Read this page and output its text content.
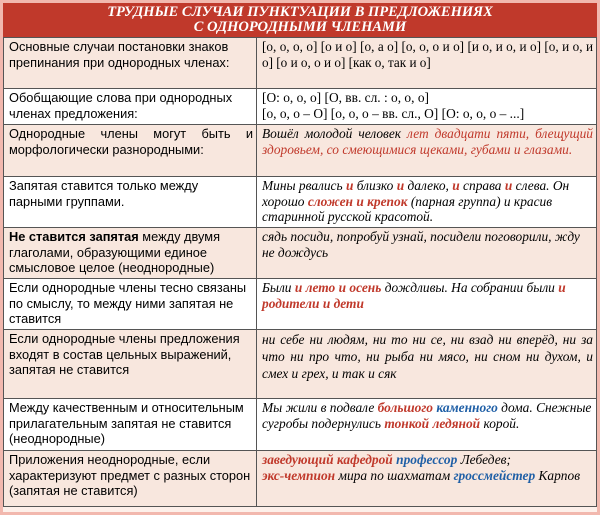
ТРУДНЫЕ СЛУЧАИ ПУНКТУАЦИИ В ПРЕДЛОЖЕНИЯХ
С ОДНОРОДНЫМИ ЧЛЕНАМИ
Основные случаи постановки знаков препинания при однородных членах:	[о, о, о, о] [о и о] [о, а о] [о, о, о и о] [и о, и о, и о] [о, и о, и о] [о и о, о и о] [как о, так и о]
Обобщающие слова при однородных членах предложения:	[О: о, о, о] [О, вв. сл. : о, о, о]
[о, о, о – О] [о, о, о – вв. сл., О] [О: о, о, о – ...]

Однородные члены могут быть и морфологически разнородными:	Вошёл молодой человек лет двадцати пяти, блещущий здоровьем, со смеющимися щеками, губами и глазами.
Запятая ставится только между парными группами.	Мины рвались и близко и далеко, и справа и слева. Он хорошо сложен и крепок (парная группа) и красив старинной русской красотой.
Не ставится запятая между двумя глаголами, образующими единое смысловое целое (неоднородные)	сядь посиди, попробуй узнай, посидели поговорили, жду не дождусь
Если однородные члены тесно связаны по смыслу, то между ними запятая не ставится	Были и лето и осень дождливы. На собрании были и родители и дети
Если однородные члены предложения входят в состав цельных выражений, запятая не ставится	ни себе ни людям, ни то ни се, ни взад ни вперёд, ни за что ни про что, ни рыба ни мясо, ни сном ни духом, и смех и грех, и так и сяк
Между качественным и относительным прилагательным запятая не ставится (неоднородные)	Мы жили в подвале большого каменного дома. Снежные сугробы подернулись тонкой ледяной корой.
Приложения неоднородные, если характеризуют предмет с разных сторон (запятая не ставится)	заведующий кафедрой профессор Лебедев;
экс-чемпион мира по шахматам гроссмейстер Карпов
